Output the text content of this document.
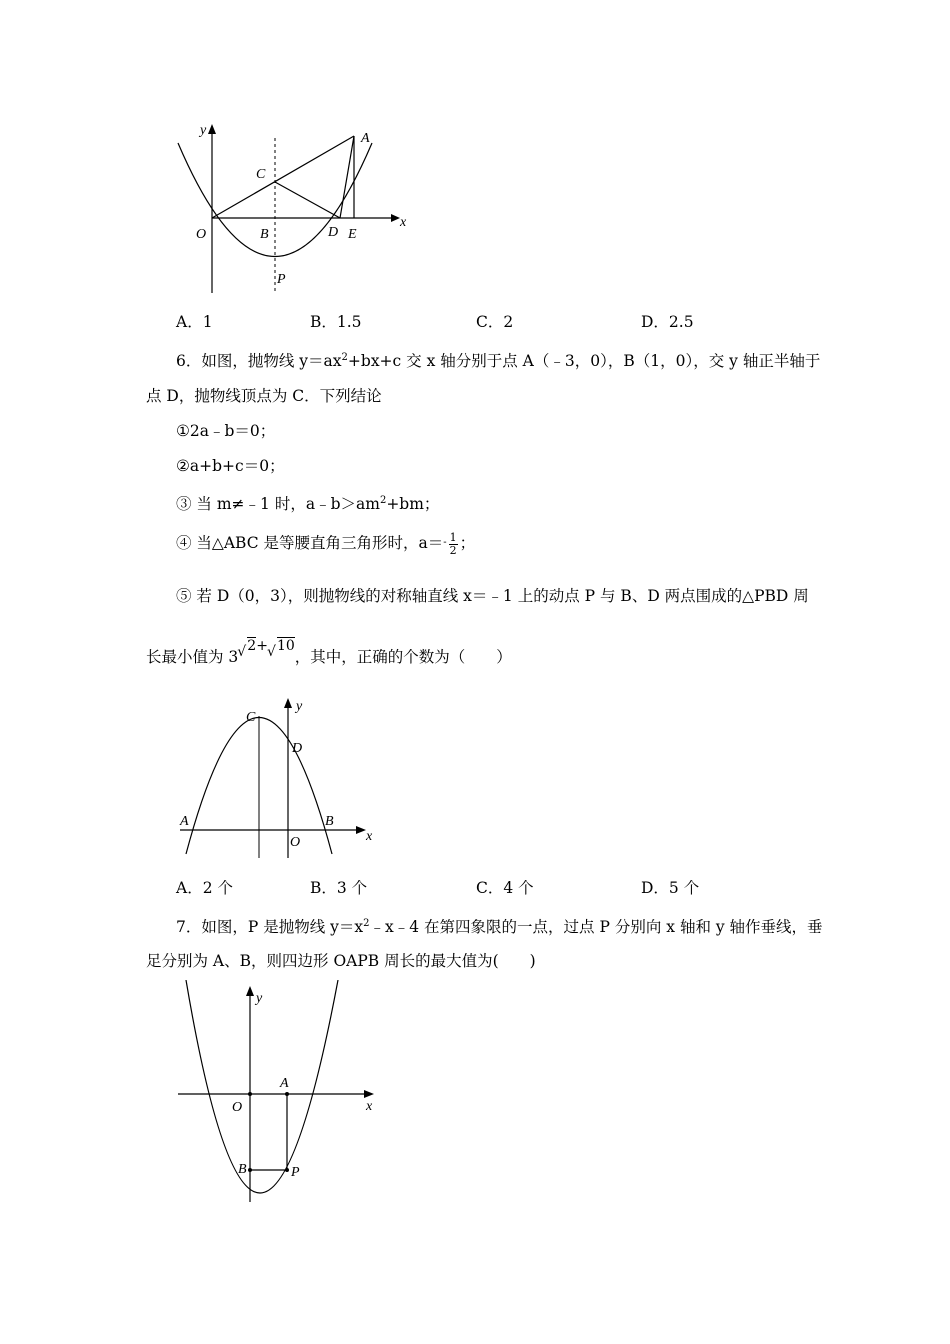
y
x
A
C
O	B	D E
P
A．1	B．1.5	C．2	D．2.5
6．如图，抛物线 $y=ax^2+bx+c$ 交 x 轴分别于点 A（﹣3，0），B（1，0），交 y 轴正半轴于
点 D，抛物线顶点为 C．下列结论
①2a﹣b＝0；
②a+b+c＝0；
③ 当 m≠﹣1 时，$a﹣b>am^2+bm$；
④ 当△ABC 是等腰直角三角形时，$a=^- \frac{1}{2}$ ；
⑤ 若 D（0，3），则抛物线的对称轴直线 x＝﹣1 上的动点 P 与 B、D 两点围成的△PBD 周
长最小值为 3 √ 2+ √ 10，其中，正确的个数为（　　）
C
y
D
A	B
O	x
A．2 个	B．3 个	C．4 个	D．5 个
7．如图，P 是抛物线 $y=x^2﹣x﹣4$ 在第四象限的一点，过点 P 分别向 x 轴和 y 轴作垂线，垂
足分别为 A、B，则四边形 OAPB 周长的最大值为(　　)
y
A
O	x
B	P
